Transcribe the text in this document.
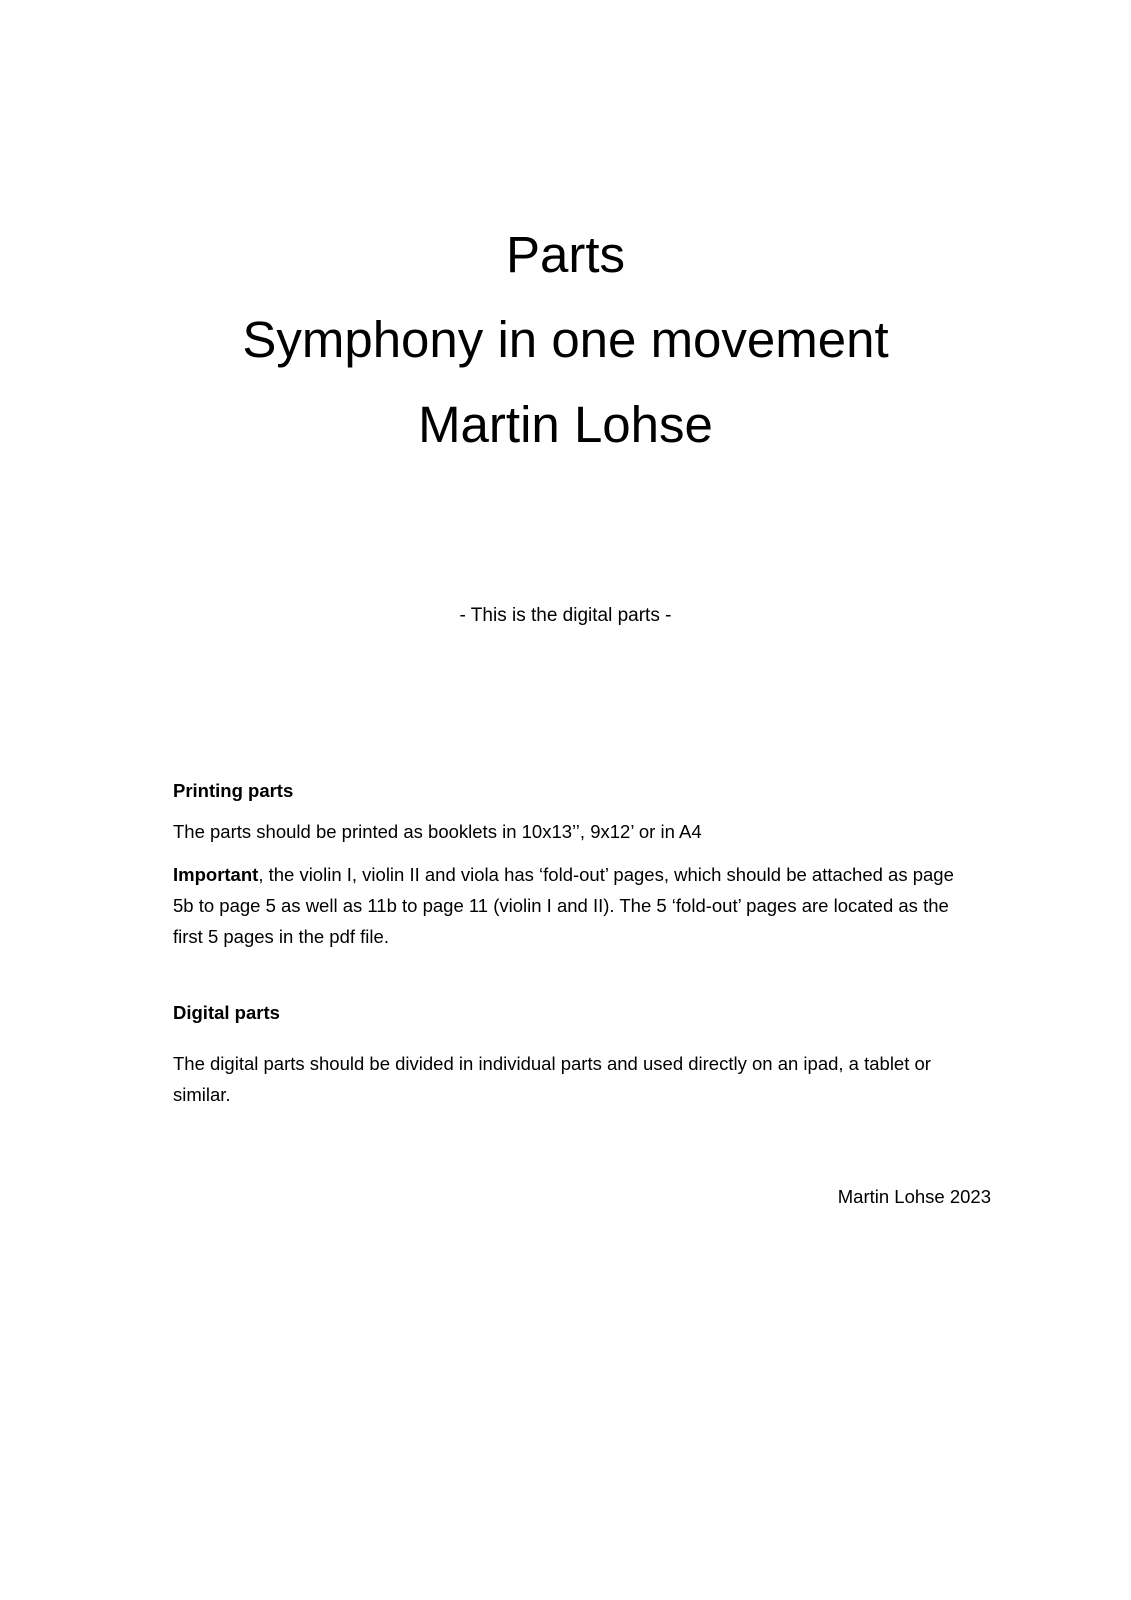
Parts
Symphony in one movement
Martin Lohse
- This is the digital parts -
Printing parts
The parts should be printed as booklets in 10x13’’, 9x12’ or in A4
Important, the violin I, violin II and viola has ‘fold-out’ pages, which should be attached as page
5b to page 5 as well as 11b to page 11 (violin I and II). The 5 ‘fold-out’ pages are located as the
first 5 pages in the pdf file.
Digital parts
The digital parts should be divided in individual parts and used directly on an ipad, a tablet or
similar.
Martin Lohse 2023
